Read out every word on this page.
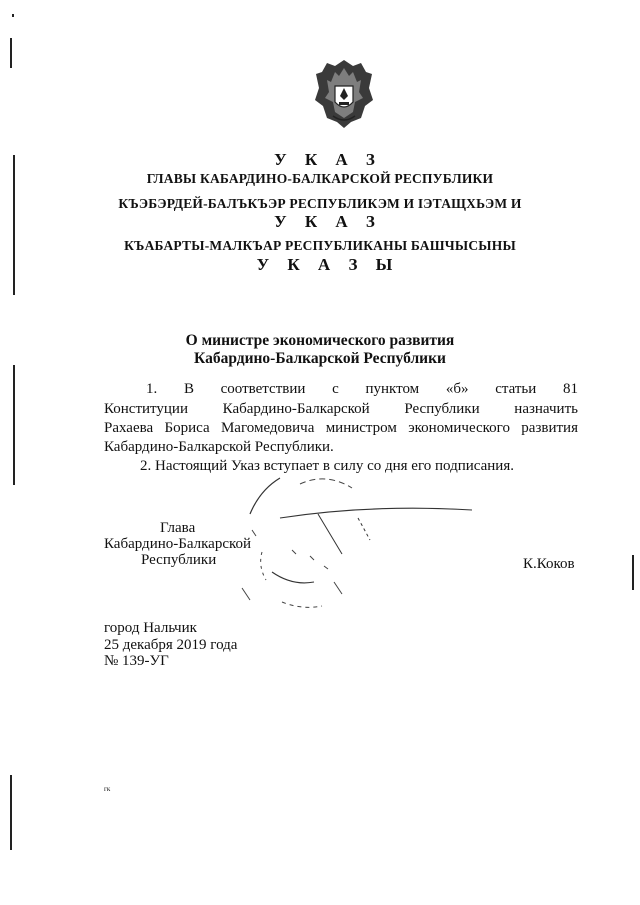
У К А З
ГЛАВЫ КАБАРДИНО-БАЛКАРСКОЙ РЕСПУБЛИКИ
КЪЭБЭРДЕЙ-БАЛЪКЪЭР РЕСПУБЛИКЭМ И IЭТАЩХЬЭМ И
У К А З
КЪАБАРТЫ-МАЛКЪАР РЕСПУБЛИКАНЫ БАШЧЫСЫНЫ
У К А З Ы
О министре экономического развития
Кабардино-Балкарской Республики
1. В соответствии с пунктом «б» статьи 81
Конституции Кабардино-Балкарской Республики назначить
Рахаева Бориса Магомедовича министром экономического развития
Кабардино-Балкарской Республики.
2. Настоящий Указ вступает в силу со дня его подписания.
Глава
Кабардино-Балкарской
Республики	К.Коков
город Нальчик
25 декабря 2019 года
№ 139-УГ
гк
